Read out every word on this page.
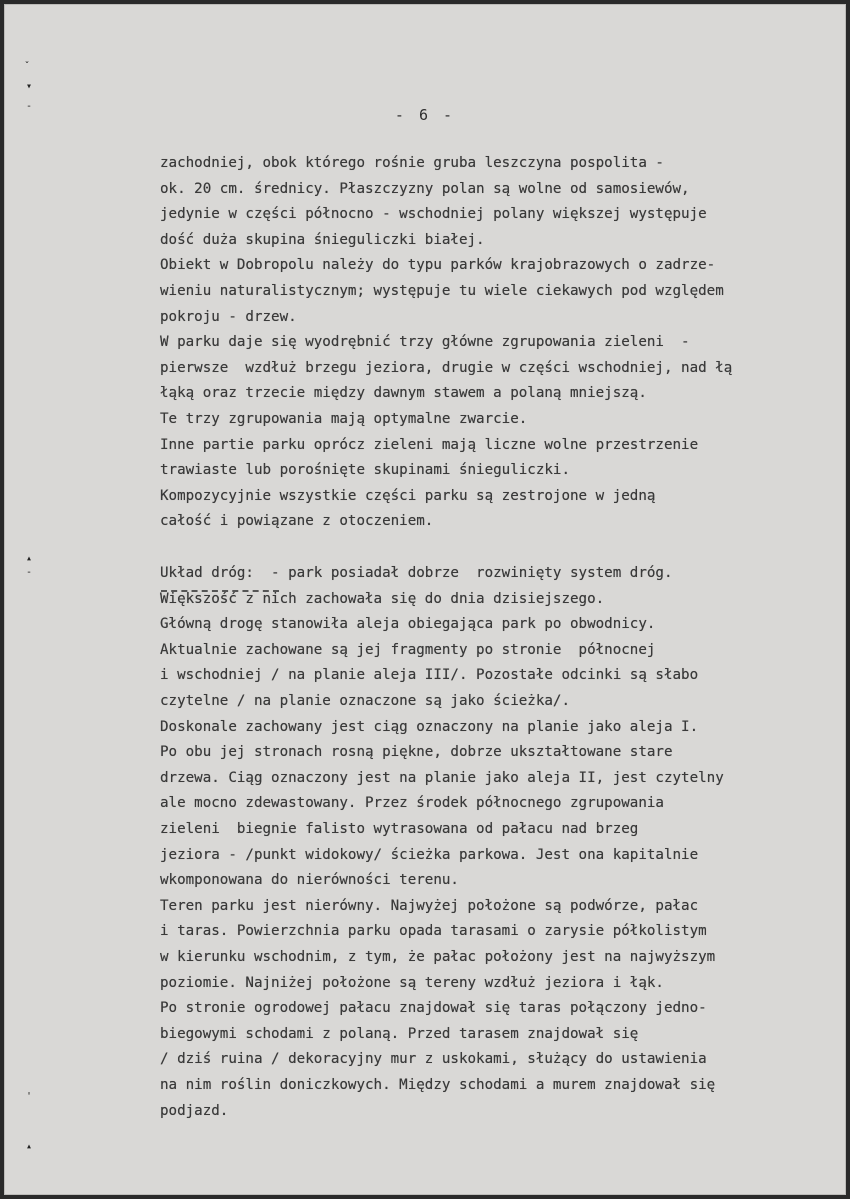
ˇ
▾
-
▴
-
'
▴
- 6 -
zachodniej, obok którego rośnie gruba leszczyna pospolita -
ok. 20 cm. średnicy. Płaszczyzny polan są wolne od samosiewów,
jedynie w części północno - wschodniej polany większej występuje
dość duża skupina śnieguliczki białej.
Obiekt w Dobropolu należy do typu parków krajobrazowych o zadrze-
wieniu naturalistycznym; występuje tu wiele ciekawych pod względem
pokroju - drzew.
W parku daje się wyodrębnić trzy główne zgrupowania zieleni  -
pierwsze  wzdłuż brzegu jeziora, drugie w części wschodniej, nad łą
łąką oraz trzecie między dawnym stawem a polaną mniejszą.
Te trzy zgrupowania mają optymalne zwarcie.
Inne partie parku oprócz zieleni mają liczne wolne przestrzenie
trawiaste lub porośnięte skupinami śnieguliczki.
Kompozycyjnie wszystkie części parku są zestrojone w jedną
całość i powiązane z otoczeniem.
Układ dróg:  - park posiadał dobrze  rozwinięty system dróg.
Większość z nich zachowała się do dnia dzisiejszego.
Główną drogę stanowiła aleja obiegająca park po obwodnicy.
Aktualnie zachowane są jej fragmenty po stronie  północnej
i wschodniej / na planie aleja III/. Pozostałe odcinki są słabo
czytelne / na planie oznaczone są jako ścieżka/.
Doskonale zachowany jest ciąg oznaczony na planie jako aleja I.
Po obu jej stronach rosną piękne, dobrze ukształtowane stare
drzewa. Ciąg oznaczony jest na planie jako aleja II, jest czytelny
ale mocno zdewastowany. Przez środek północnego zgrupowania
zieleni  biegnie falisto wytrasowana od pałacu nad brzeg
jeziora - /punkt widokowy/ ścieżka parkowa. Jest ona kapitalnie
wkomponowana do nierówności terenu.
Teren parku jest nierówny. Najwyżej położone są podwórze, pałac
i taras. Powierzchnia parku opada tarasami o zarysie półkolistym
w kierunku wschodnim, z tym, że pałac położony jest na najwyższym
poziomie. Najniżej położone są tereny wzdłuż jeziora i łąk.
Po stronie ogrodowej pałacu znajdował się taras połączony jedno-
biegowymi schodami z polaną. Przed tarasem znajdował się
/ dziś ruina / dekoracyjny mur z uskokami, służący do ustawienia
na nim roślin doniczkowych. Między schodami a murem znajdował się
podjazd.
